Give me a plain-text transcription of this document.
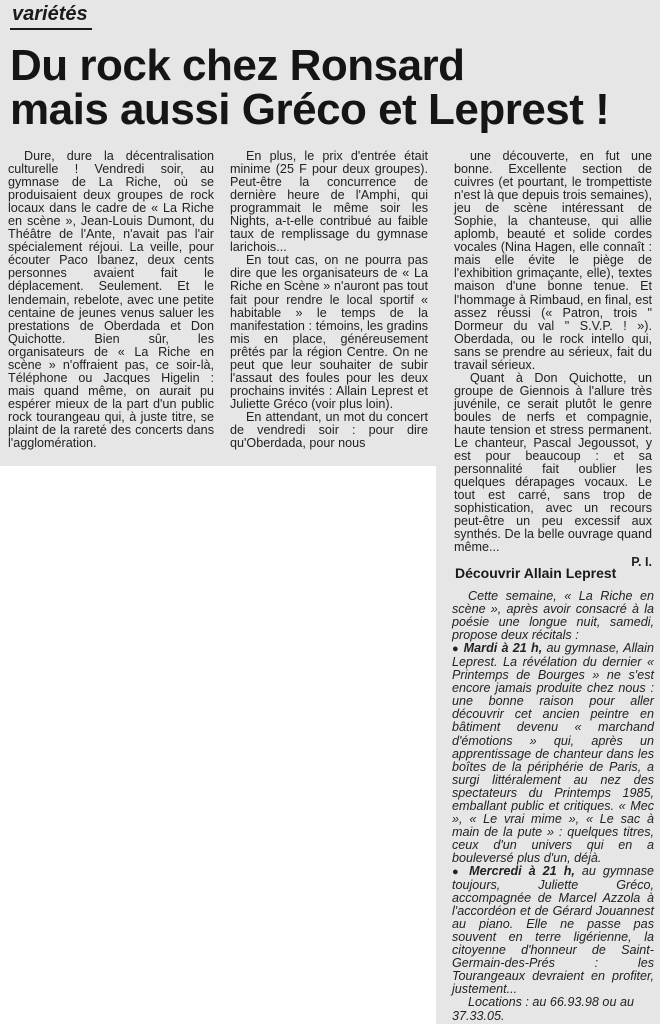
variétés
Du rock chez Ronsard
mais aussi Gréco et Leprest !

Dure, dure la décentralisation culturelle ! Vendredi soir, au gymnase de La Riche, où se produisaient deux groupes de rock locaux dans le cadre de « La Riche en scène », Jean-Louis Dumont, du Théâtre de l'Ante, n'avait pas l'air spécialement réjoui. La veille, pour écouter Paco Ibanez, deux cents personnes avaient fait le déplacement. Seulement. Et le lendemain, rebelote, avec une petite centaine de jeunes venus saluer les prestations de Oberdada et Don Quichotte. Bien sûr, les organisateurs de « La Riche en scène » n'offraient pas, ce soir-là, Téléphone ou Jacques Higelin : mais quand même, on aurait pu espérer mieux de la part d'un public rock tourangeau qui, à juste titre, se plaint de la rareté des concerts dans l'agglomération.

En plus, le prix d'entrée était minime (25 F pour deux groupes). Peut-être la concurrence de dernière heure de l'Amphi, qui programmait le même soir les Nights, a-t-elle contribué au faible taux de remplissage du gymnase larichois...

En tout cas, on ne pourra pas dire que les organisateurs de « La Riche en Scène » n'auront pas tout fait pour rendre le local sportif « habitable » le temps de la manifestation : témoins, les gradins mis en place, généreusement prêtés par la région Centre. On ne peut que leur souhaiter de subir l'assaut des foules pour les deux prochains invités : Allain Leprest et Juliette Gréco (voir plus loin).

En attendant, un mot du concert de vendredi soir : pour dire qu'Oberdada, pour nous

une découverte, en fut une bonne. Excellente section de cuivres (et pourtant, le trompettiste n'est là que depuis trois semaines), jeu de scène intéressant de Sophie, la chanteuse, qui allie aplomb, beauté et solide cordes vocales (Nina Hagen, elle connaît : mais elle évite le piège de l'exhibition grimaçante, elle), textes maison d'une bonne tenue. Et l'hommage à Rimbaud, en final, est assez réussi (« Patron, trois " Dormeur du val " S.V.P. ! »). Oberdada, ou le rock intello qui, sans se prendre au sérieux, fait du travail sérieux.

Quant à Don Quichotte, un groupe de Giennois à l'allure très juvénile, ce serait plutôt le genre boules de nerfs et compagnie, haute tension et stress permanent. Le chanteur, Pascal Jegoussot, y est pour beaucoup : et sa personnalité fait oublier les quelques dérapages vocaux. Le tout est carré, sans trop de sophistication, avec un recours peut-être un peu excessif aux synthés. De la belle ouvrage quand même...

P. I.
Découvrir Allain Leprest

Cette semaine, « La Riche en scène », après avoir consacré à la poésie une longue nuit, samedi, propose deux récitals :

● Mardi à 21 h, au gymnase, Allain Leprest. La révélation du dernier « Printemps de Bourges » ne s'est encore jamais produite chez nous : une bonne raison pour aller découvrir cet ancien peintre en bâtiment devenu « marchand d'émotions » qui, après un apprentissage de chanteur dans les boîtes de la périphérie de Paris, a surgi littéralement au nez des spectateurs du Printemps 1985, emballant public et critiques. « Mec », « Le vrai mime », « Le sac à main de la pute » : quelques titres, ceux d'un univers qui en a bouleversé plus d'un, déjà.

● Mercredi à 21 h, au gymnase toujours, Juliette Gréco, accompagnée de Marcel Azzola à l'accordéon et de Gérard Jouannest au piano. Elle ne passe pas souvent en terre ligérienne, la citoyenne d'honneur de Saint-Germain-des-Prés : les Tourangeaux devraient en profiter, justement...

Locations : au 66.93.98 ou au 37.33.05.
